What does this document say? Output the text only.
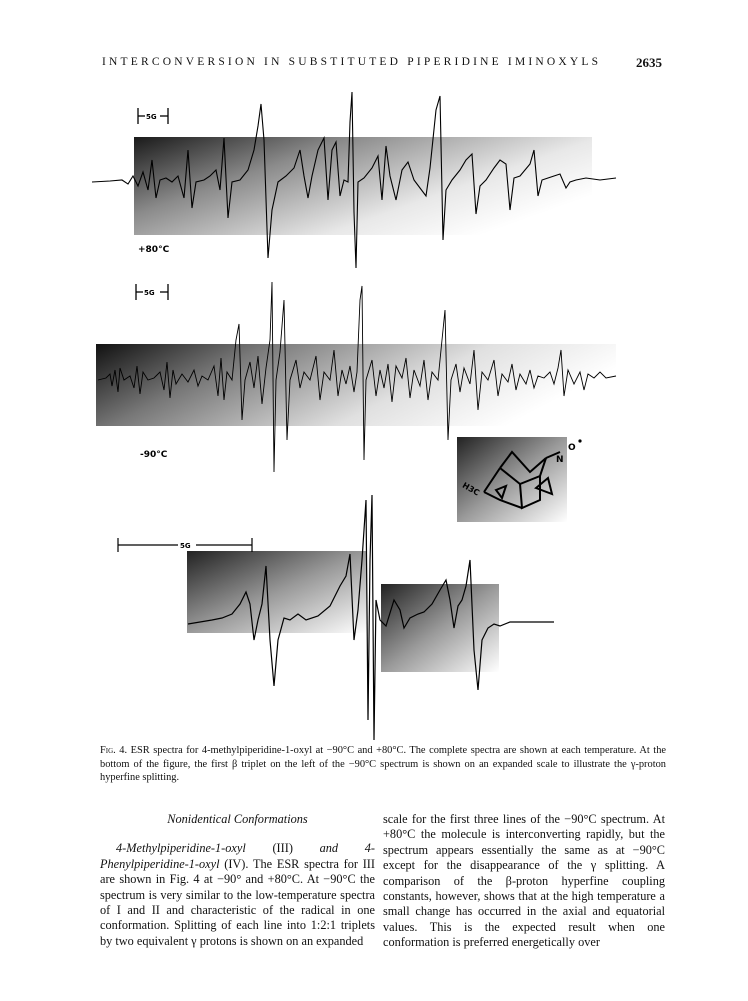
INTERCONVERSION IN SUBSTITUTED PIPERIDINE IMINOXYLS	2635
5G
+80°C
5G
-90°C	N
O
H3C
5G
Fig. 4. ESR spectra for 4-methylpiperidine-1-oxyl at −90°C and +80°C. The complete spectra are shown at each temperature. At the bottom of the figure, the first β triplet on the left of the −90°C spectrum is shown on an expanded scale to illustrate the γ-proton hyperfine splitting.

Nonidentical Conformations

4-Methylpiperidine-1-oxyl (III) and 4-Phenylpiperidine-1-oxyl (IV). The ESR spectra for III are shown in Fig. 4 at −90° and +80°C. At −90°C the spectrum is very similar to the low-temperature spectra of I and II and characteristic of the radical in one conformation. Splitting of each line into 1:2:1 triplets by two equivalent γ protons is shown on an expanded

scale for the first three lines of the −90°C spectrum. At +80°C the molecule is interconverting rapidly, but the spectrum appears essentially the same as at −90°C except for the disappearance of the γ splitting. A comparison of the β-proton hyperfine coupling constants, however, shows that at the high temperature a small change has occurred in the axial and equatorial values. This is the expected result when one conformation is preferred energetically over
